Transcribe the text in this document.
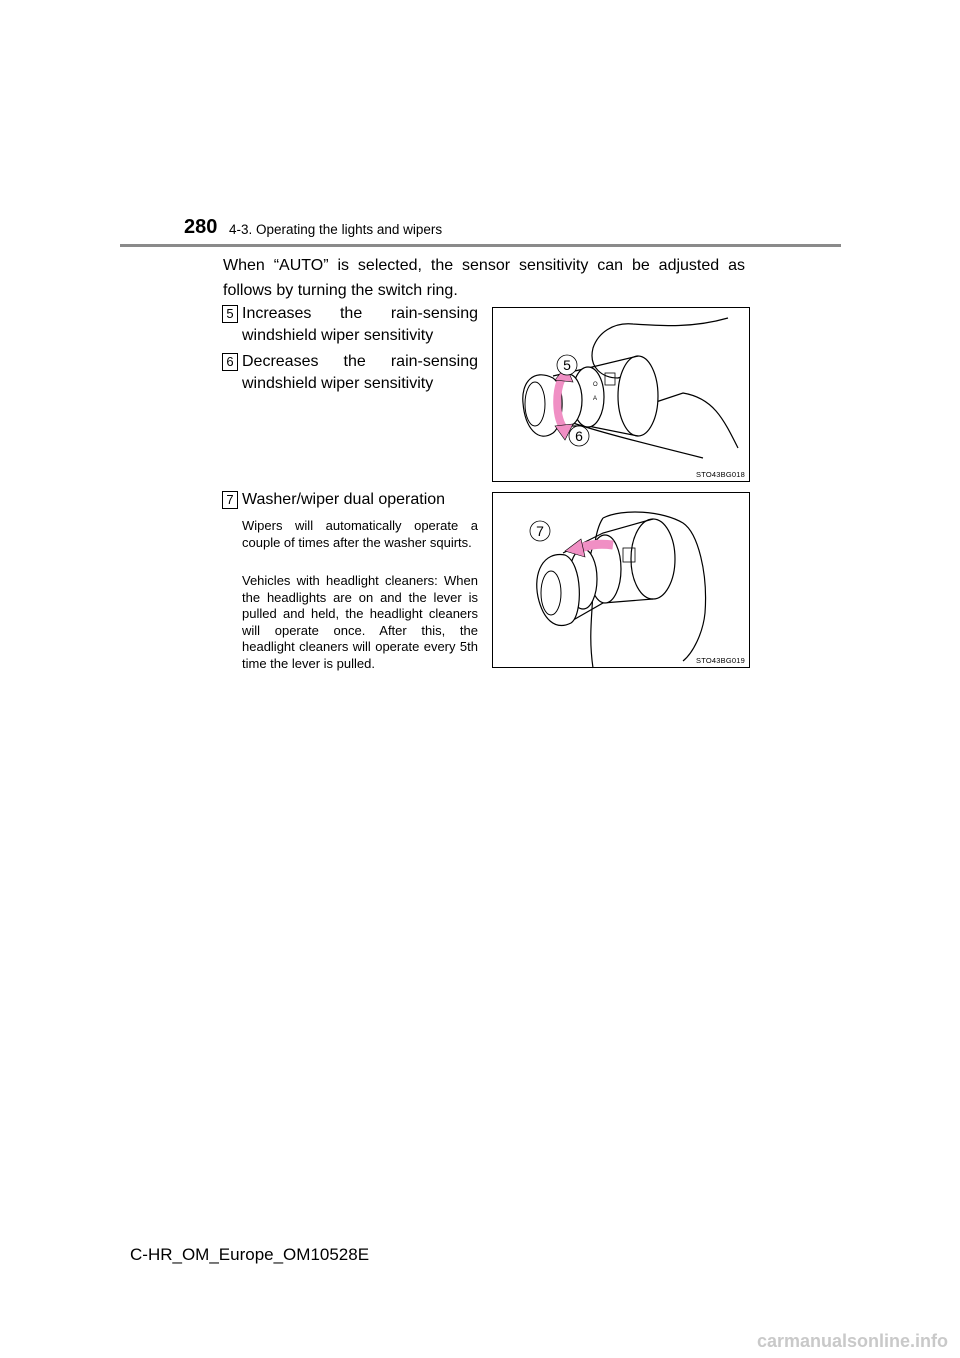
280 4-3. Operating the lights and wipers
When “AUTO” is selected, the sensor sensitivity can be adjusted as follows by turning the switch ring.
5 Increases the rain-sensing windshield wiper sensitivity
6 Decreases the rain-sensing windshield wiper sensitivity
7 Washer/wiper dual operation
Wipers will automatically operate a couple of times after the washer squirts.
Vehicles with headlight cleaners: When the headlights are on and the lever is pulled and held, the headlight cleaners will operate once. After this, the headlight cleaners will operate every 5th time the lever is pulled.
O
A
5
6
STO43BG018
7
STO43BG019
C-HR_OM_Europe_OM10528E
carmanualsonline.info
